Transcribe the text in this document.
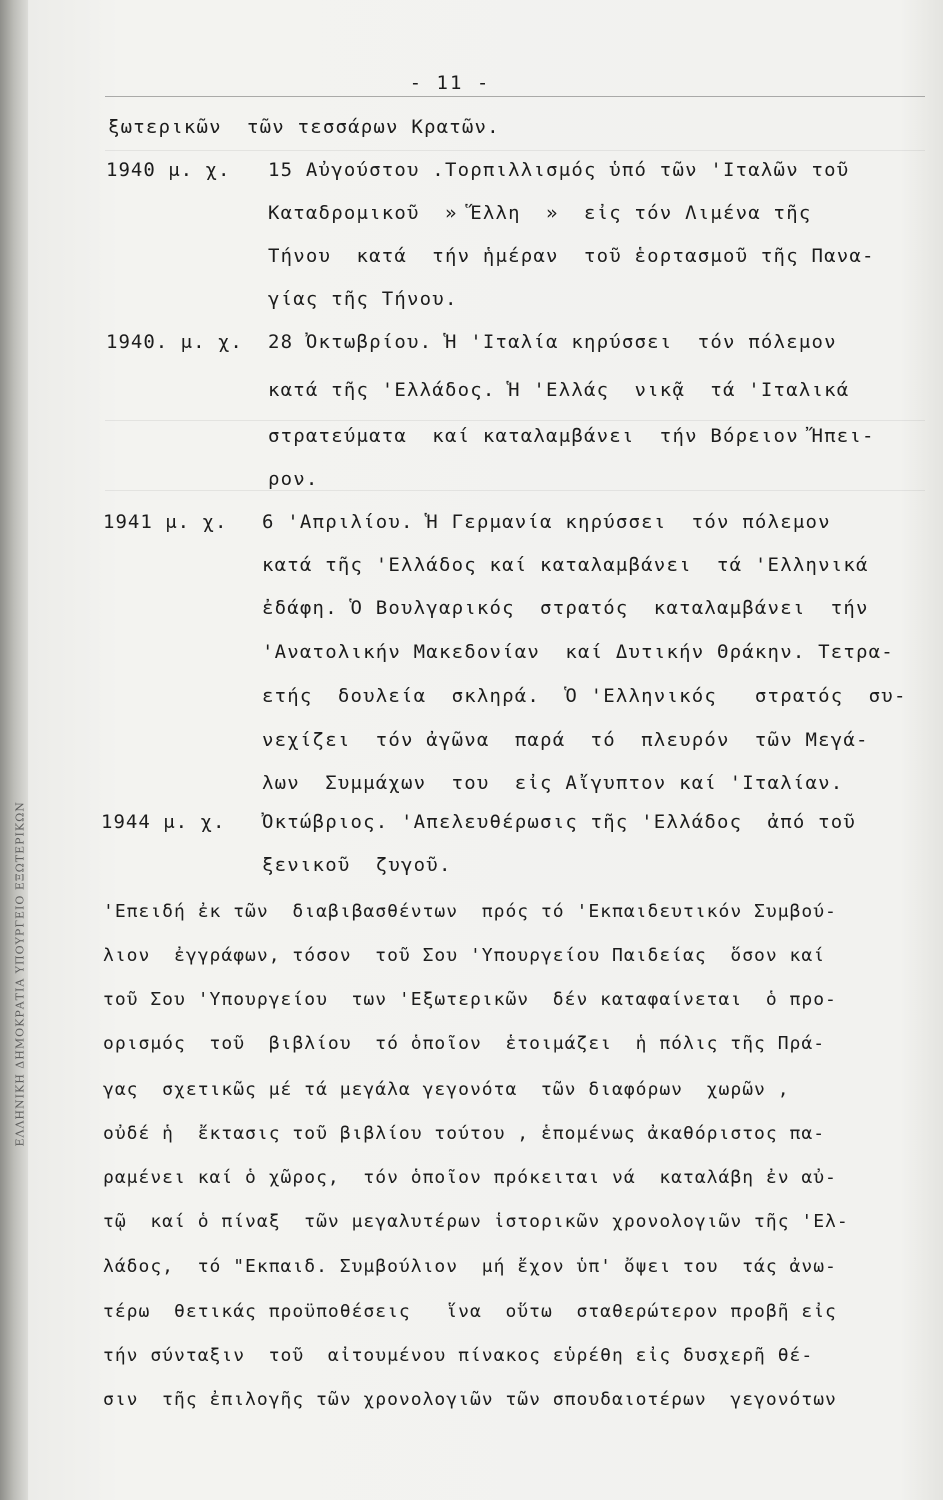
ΕΛΛΗΝΙΚΗ ΔΗΜΟΚΡΑΤΙΑ ΥΠΟΥΡΓΕΙΟ ΕΞΩΤΕΡΙΚΩΝ
- 11 -
1940 μ. χ.
1940. μ. χ.
1941 μ. χ.
1944 μ. χ.
ξωτερικῶν  τῶν τεσσάρων Κρατῶν.
15 Αὐγούστου .Τορπιλλισμός ὑπό τῶν 'Ιταλῶν τοῦ
Καταδρομικοῦ  » Ἕλλη  »  εἰς τόν Λιμένα τῆς
Τήνου  κατά  τήν ἡμέραν  τοῦ ἑορτασμοῦ τῆς Πανα-
γίας τῆς Τήνου.
28 Ὀκτωβρίου. Ἡ 'Ιταλία κηρύσσει  τόν πόλεμον
κατά τῆς 'Ελλάδος. Ἡ 'Ελλάς  νικᾷ  τά 'Ιταλικά
στρατεύματα  καί καταλαμβάνει  τήν Βόρειον Ἤπει-
ρον.
6 'Απριλίου. Ἡ Γερμανία κηρύσσει  τόν πόλεμον
κατά τῆς 'Ελλάδος καί καταλαμβάνει  τά 'Ελληνικά
ἐδάφη. Ὁ Βουλγαρικός  στρατός  καταλαμβάνει  τήν
'Ανατολικήν Μακεδονίαν  καί Δυτικήν Θράκην. Τετρα-
ετής  δουλεία  σκληρά.  Ὁ 'Ελληνικός   στρατός  συ-
νεχίζει  τόν ἀγῶνα  παρά  τό  πλευρόν  τῶν Μεγά-
λων  Συμμάχων  του  εἰς Αἴγυπτον καί 'Ιταλίαν.
Ὀκτώβριος. 'Απελευθέρωσις τῆς 'Ελλάδος  ἀπό τοῦ
ξενικοῦ  ζυγοῦ.
'Επειδή ἐκ τῶν  διαβιβασθέντων  πρός τό 'Εκπαιδευτικόν Συμβού-
λιον  ἐγγράφων, τόσον  τοῦ Σου 'Υπουργείου Παιδείας  ὅσον καί
τοῦ Σου 'Υπουργείου  των 'Εξωτερικῶν  δέν καταφαίνεται  ὁ προ-
ορισμός  τοῦ  βιβλίου  τό ὁποῖον  ἑτοιμάζει  ἡ πόλις τῆς Πρά-
γας  σχετικῶς μέ τά μεγάλα γεγονότα  τῶν διαφόρων  χωρῶν ,
οὐδέ ἡ  ἔκτασις τοῦ βιβλίου τούτου , ἑπομένως ἀκαθόριστος πα-
ραμένει καί ὁ χῶρος,  τόν ὁποῖον πρόκειται νά  καταλάβη ἐν αὐ-
τῷ  καί ὁ πίναξ  τῶν μεγαλυτέρων ἱστορικῶν χρονολογιῶν τῆς 'Ελ-
λάδος,  τό "Εκπαιδ. Συμβούλιον  μή ἔχον ὑπ' ὄψει του  τάς ἀνω-
τέρω  θετικάς προϋποθέσεις   ἵνα  οὕτω  σταθερώτερον προβῆ εἰς
τήν σύνταξιν  τοῦ  αἰτουμένου πίνακος εὑρέθη εἰς δυσχερῆ θέ-
σιν  τῆς ἐπιλογῆς τῶν χρονολογιῶν τῶν σπουδαιοτέρων  γεγονότων
